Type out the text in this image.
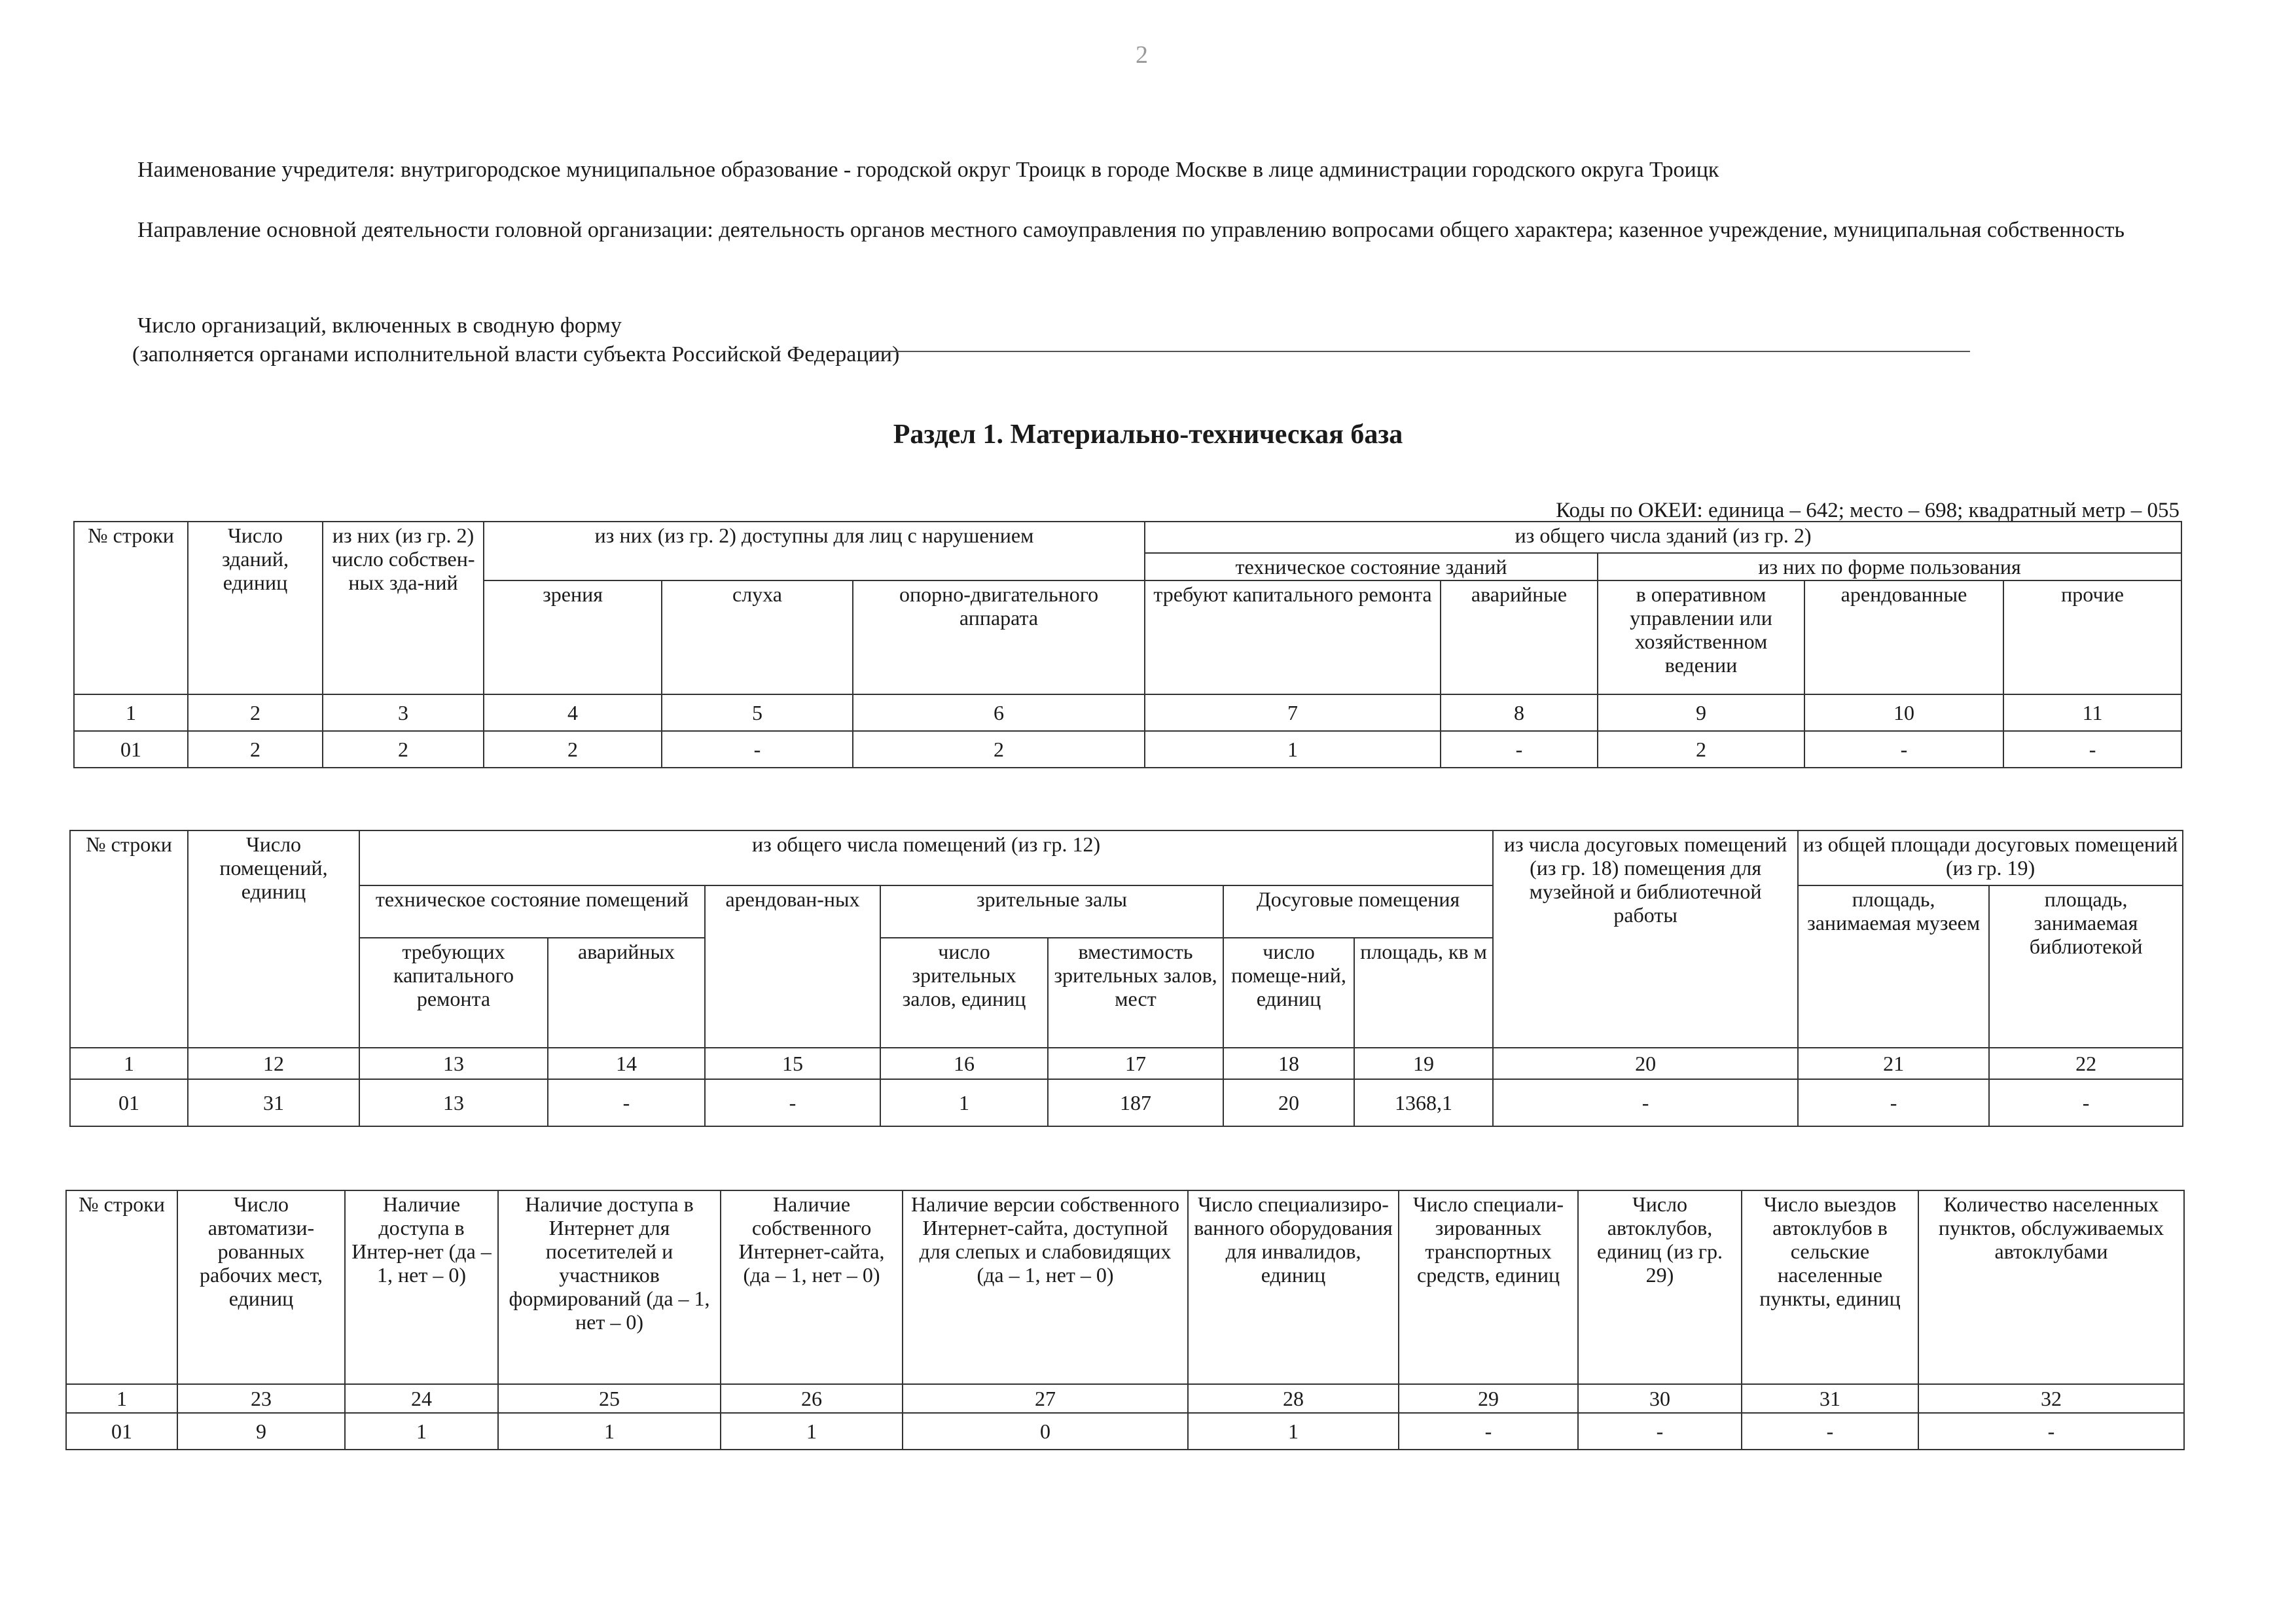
2
Наименование учредителя: внутригородское муниципальное образование - городской округ Троицк в городе Москве в лице администрации городского округа Троицк
Направление основной деятельности головной организации: деятельность органов местного самоуправления по управлению вопросами общего характера; казенное учреждение, муниципальная собственность
Число организаций, включенных в сводную форму
(заполняется органами исполнительной власти субъекта Российской Федерации)
Раздел 1. Материально-техническая база
Коды по ОКЕИ: единица – 642; место – 698; квадратный метр – 055
№ строки	Число зданий, единиц	из них (из гр. 2) число собствен-ных зда-ний	из них (из гр. 2) доступны для лиц с нарушением			из общего числа зданий (из гр. 2)				
						техническое состояние зданий		из них по форме пользования		
			зрения	слуха	опорно-двигательного аппарата	требуют капитального ремонта	аварийные	в оперативном управлении или хозяйственном ведении	арендованные	прочие
1	2	3	4	5	6	7	8	9	10	11
01	2	2	2	-	2	1	-	2	-	-
№ строки	Число помещений, единиц	из общего числа помещений (из гр. 12)							из числа досуговых помещений (из гр. 18) помещения для музейной и библиотечной работы	из общей площади досуговых помещений (из гр. 19)	
		техническое состояние помещений		арендован-ных	зрительные залы		Досуговые помещения			площадь, занимаемая музеем	площадь, занимаемая библиотекой
		требующих капитального ремонта	аварийных		число зрительных залов, единиц	вместимость зрительных залов, мест	число помеще-ний, единиц	площадь, кв м			
1	12	13	14	15	16	17	18	19	20	21	22
01	31	13	-	-	1	187	20	1368,1	-	-	-
№ строки	Число автоматизи-рованных рабочих мест, единиц	Наличие доступа в Интер-нет (да – 1, нет – 0)	Наличие доступа в Интернет для посетителей и участников формирований (да – 1, нет – 0)	Наличие собственного Интернет-сайта, (да – 1, нет – 0)	Наличие версии собственного Интернет-сайта, доступной для слепых и слабовидящих (да – 1, нет – 0)	Число специализиро-ванного оборудования для инвалидов, единиц	Число специали-зированных транспортных средств, единиц	Число автоклубов, единиц (из гр. 29)	Число выездов автоклубов в сельские населенные пункты, единиц	Количество населенных пунктов, обслуживаемых автоклубами
1	23	24	25	26	27	28	29	30	31	32
01	9	1	1	1	0	1	-	-	-	-
